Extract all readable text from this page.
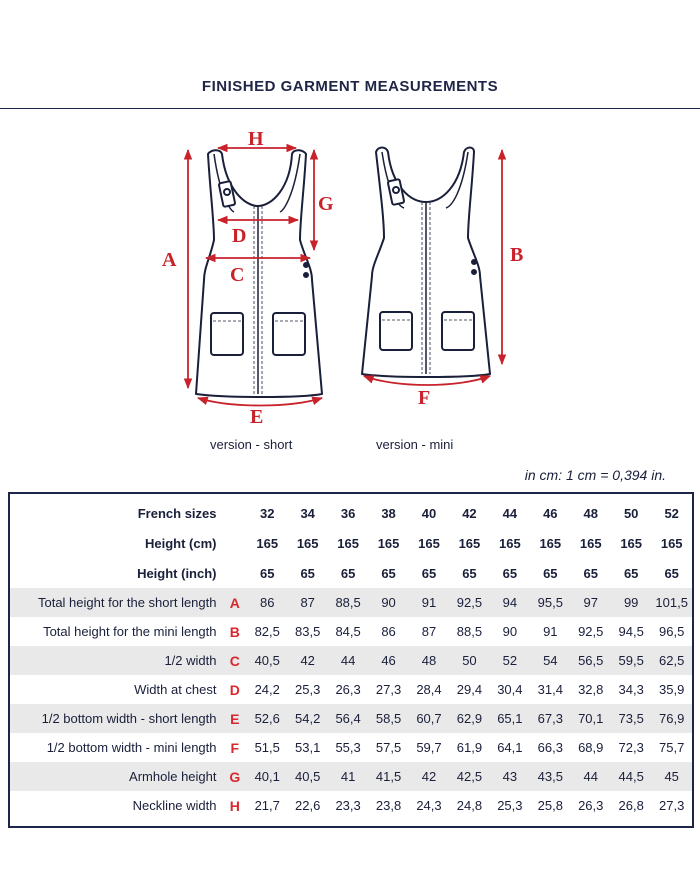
FINISHED GARMENT MEASUREMENTS
A
H
G
D
C
E
B
F
version - short	version - mini
in cm: 1 cm = 0,394 in.
French sizes		32	34	36	38	40	42	44	46	48	50	52
Height (cm)		165	165	165	165	165	165	165	165	165	165	165
Height (inch)		65	65	65	65	65	65	65	65	65	65	65
Total height for the short length	A	86	87	88,5	90	91	92,5	94	95,5	97	99	101,5
Total height for the mini length	B	82,5	83,5	84,5	86	87	88,5	90	91	92,5	94,5	96,5
1/2 width	C	40,5	42	44	46	48	50	52	54	56,5	59,5	62,5
Width at chest	D	24,2	25,3	26,3	27,3	28,4	29,4	30,4	31,4	32,8	34,3	35,9
1/2 bottom width - short length	E	52,6	54,2	56,4	58,5	60,7	62,9	65,1	67,3	70,1	73,5	76,9
1/2 bottom width - mini length	F	51,5	53,1	55,3	57,5	59,7	61,9	64,1	66,3	68,9	72,3	75,7
Armhole height	G	40,1	40,5	41	41,5	42	42,5	43	43,5	44	44,5	45
Neckline width	H	21,7	22,6	23,3	23,8	24,3	24,8	25,3	25,8	26,3	26,8	27,3
